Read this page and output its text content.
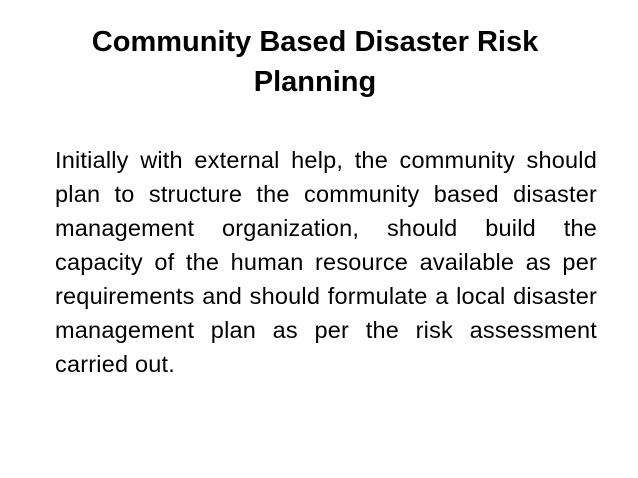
Community Based Disaster Risk Planning

Initially with external help, the community should plan to structure the community based disaster management organization, should build the capacity of the human resource available as per requirements and should formulate a local disaster management plan as per the risk assessment carried out.
